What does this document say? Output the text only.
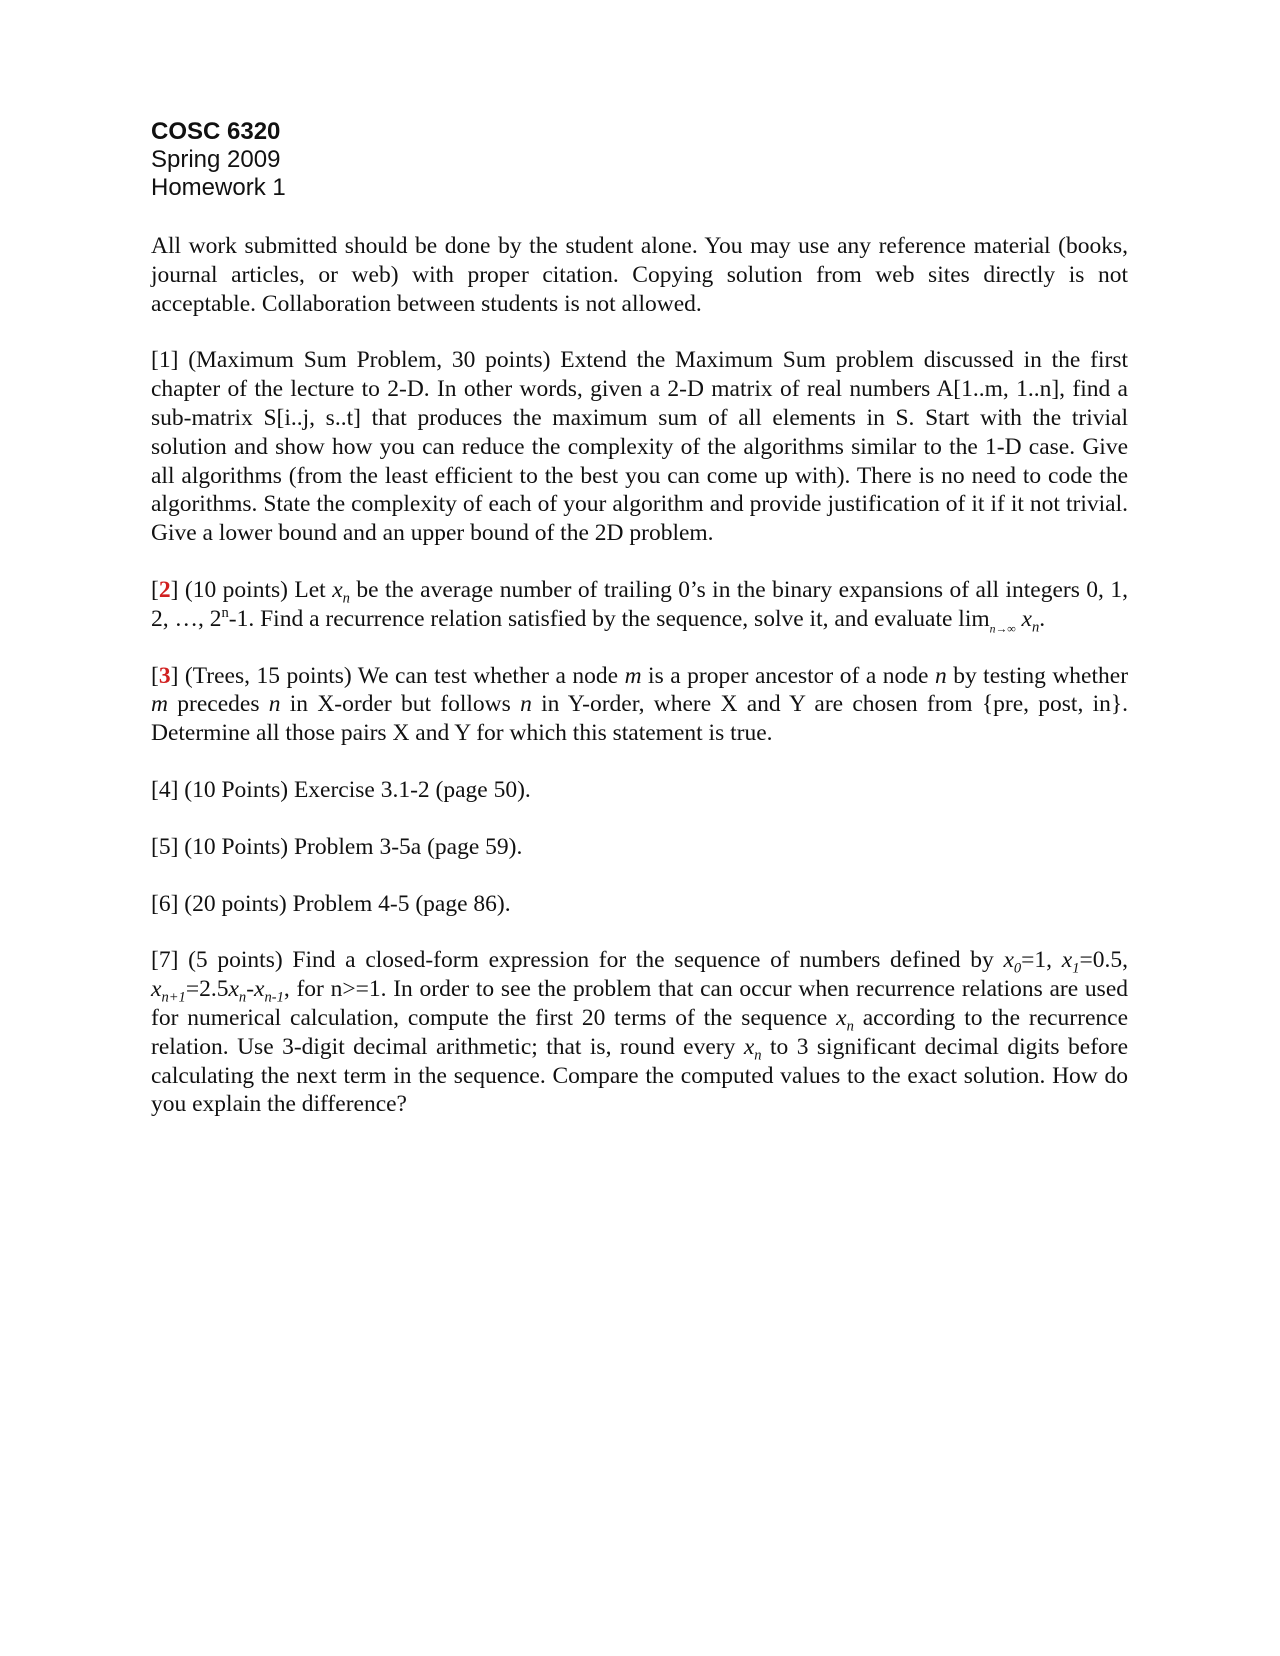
COSC 6320
Spring 2009
Homework 1

All work submitted should be done by the student alone. You may use any reference material (books, journal articles, or web) with proper citation. Copying solution from web sites directly is not acceptable. Collaboration between students is not allowed.

[1] (Maximum Sum Problem, 30 points) Extend the Maximum Sum problem discussed in the first chapter of the lecture to 2-D. In other words, given a 2-D matrix of real numbers A[1..m, 1..n], find a sub-matrix S[i..j, s..t] that produces the maximum sum of all elements in S. Start with the trivial solution and show how you can reduce the complexity of the algorithms similar to the 1-D case. Give all algorithms (from the least efficient to the best you can come up with). There is no need to code the algorithms. State the complexity of each of your algorithm and provide justification of it if it not trivial. Give a lower bound and an upper bound of the 2D problem.

[2] (10 points) Let $x_n$ be the average number of trailing 0’s in the binary expansions of all integers 0, 1, 2, …, 2$^n$-1. Find a recurrence relation satisfied by the sequence, solve it, and evaluate $\lim_{n\to\infty} x_n$.

[3] (Trees, 15 points) We can test whether a node m is a proper ancestor of a node n by testing whether m precedes n in X-order but follows n in Y-order, where X and Y are chosen from {pre, post, in}. Determine all those pairs X and Y for which this statement is true.

[4] (10 Points) Exercise 3.1-2 (page 50).

[5] (10 Points) Problem 3-5a (page 59).

[6] (20 points) Problem 4-5 (page 86).

[7] (5 points) Find a closed-form expression for the sequence of numbers defined by $x_0=1$, $x_1=0.5$, $x_{n+1}=2.5x_n-x_{n-1}$, for n>=1. In order to see the problem that can occur when recurrence relations are used for numerical calculation, compute the first 20 terms of the sequence $x_n$ according to the recurrence relation. Use 3-digit decimal arithmetic; that is, round every $x_n$ to 3 significant decimal digits before calculating the next term in the sequence. Compare the computed values to the exact solution. How do you explain the difference?
